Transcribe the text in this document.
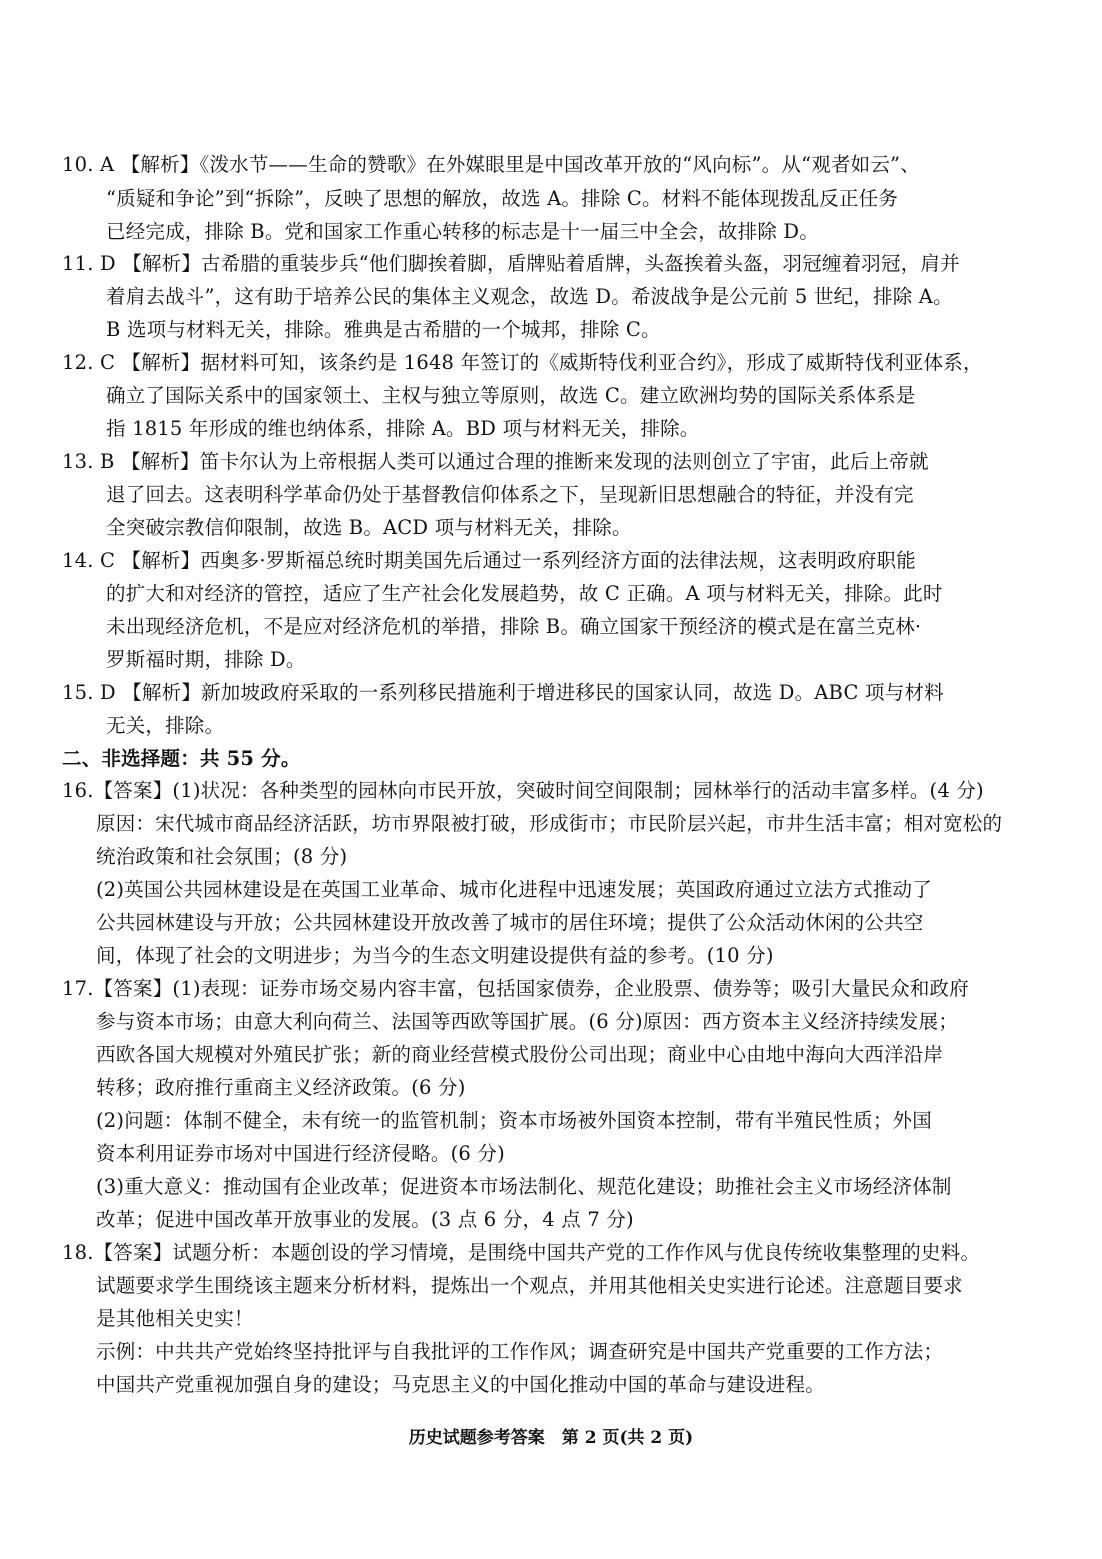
10. A 【解析】《泼水节——生命的赞歌》在外媒眼里是中国改革开放的“风向标”。从“观者如云”、
“质疑和争论”到“拆除”，反映了思想的解放，故选 A。排除 C。材料不能体现拨乱反正任务
已经完成，排除 B。党和国家工作重心转移的标志是十一届三中全会，故排除 D。
11. D 【解析】古希腊的重装步兵“他们脚挨着脚，盾牌贴着盾牌，头盔挨着头盔，羽冠缠着羽冠，肩并
着肩去战斗”，这有助于培养公民的集体主义观念，故选 D。希波战争是公元前 5 世纪，排除 A。
B 选项与材料无关，排除。雅典是古希腊的一个城邦，排除 C。
12. C 【解析】据材料可知，该条约是 1648 年签订的《威斯特伐利亚合约》，形成了威斯特伐利亚体系，
确立了国际关系中的国家领土、主权与独立等原则，故选 C。建立欧洲均势的国际关系体系是
指 1815 年形成的维也纳体系，排除 A。BD 项与材料无关，排除。
13. B 【解析】笛卡尔认为上帝根据人类可以通过合理的推断来发现的法则创立了宇宙，此后上帝就
退了回去。这表明科学革命仍处于基督教信仰体系之下，呈现新旧思想融合的特征，并没有完
全突破宗教信仰限制，故选 B。ACD 项与材料无关，排除。
14. C 【解析】西奥多·罗斯福总统时期美国先后通过一系列经济方面的法律法规，这表明政府职能
的扩大和对经济的管控，适应了生产社会化发展趋势，故 C 正确。A 项与材料无关，排除。此时
未出现经济危机，不是应对经济危机的举措，排除 B。确立国家干预经济的模式是在富兰克林·
罗斯福时期，排除 D。
15. D 【解析】新加坡政府采取的一系列移民措施利于增进移民的国家认同，故选 D。ABC 项与材料
无关，排除。
二、非选择题：共 55 分。
16.【答案】(1)状况：各种类型的园林向市民开放，突破时间空间限制；园林举行的活动丰富多样。(4 分)
原因：宋代城市商品经济活跃，坊市界限被打破，形成街市；市民阶层兴起，市井生活丰富；相对宽松的
统治政策和社会氛围；(8 分)
(2)英国公共园林建设是在英国工业革命、城市化进程中迅速发展；英国政府通过立法方式推动了
公共园林建设与开放；公共园林建设开放改善了城市的居住环境；提供了公众活动休闲的公共空
间，体现了社会的文明进步；为当今的生态文明建设提供有益的参考。(10 分)
17.【答案】(1)表现：证券市场交易内容丰富，包括国家债券，企业股票、债券等；吸引大量民众和政府
参与资本市场；由意大利向荷兰、法国等西欧等国扩展。(6 分)原因：西方资本主义经济持续发展；
西欧各国大规模对外殖民扩张；新的商业经营模式股份公司出现；商业中心由地中海向大西洋沿岸
转移；政府推行重商主义经济政策。(6 分)
(2)问题：体制不健全，未有统一的监管机制；资本市场被外国资本控制，带有半殖民性质；外国
资本利用证券市场对中国进行经济侵略。(6 分)
(3)重大意义：推动国有企业改革；促进资本市场法制化、规范化建设；助推社会主义市场经济体制
改革；促进中国改革开放事业的发展。(3 点 6 分，4 点 7 分)
18.【答案】试题分析：本题创设的学习情境，是围绕中国共产党的工作作风与优良传统收集整理的史料。
试题要求学生围绕该主题来分析材料，提炼出一个观点，并用其他相关史实进行论述。注意题目要求
是其他相关史实！
示例：中共共产党始终坚持批评与自我批评的工作作风；调查研究是中国共产党重要的工作方法；
中国共产党重视加强自身的建设；马克思主义的中国化推动中国的革命与建设进程。
历史试题参考答案　第 2 页(共 2 页)
